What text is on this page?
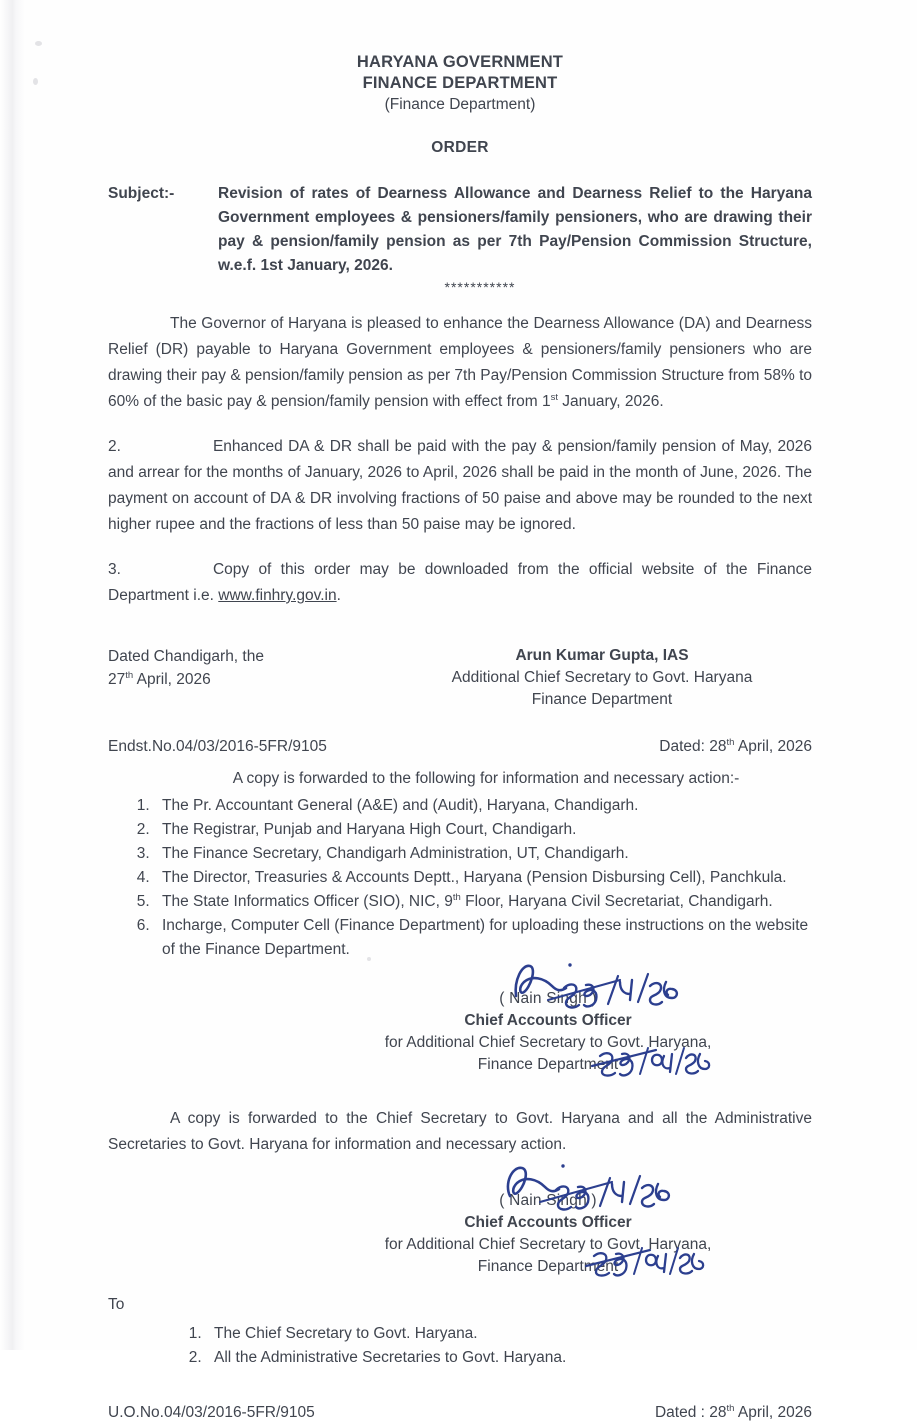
HARYANA GOVERNMENT
FINANCE DEPARTMENT
(Finance Department)
ORDER
Subject:-	Revision of rates of Dearness Allowance and Dearness Relief to the Haryana Government employees & pensioners/family pensioners, who are drawing their pay & pension/family pension as per 7th Pay/Pension Commission Structure, w.e.f. 1st January, 2026.
***********

The Governor of Haryana is pleased to enhance the Dearness Allowance (DA) and Dearness Relief (DR) payable to Haryana Government employees & pensioners/family pensioners who are drawing their pay & pension/family pension as per 7th Pay/Pension Commission Structure from 58% to 60% of the basic pay & pension/family pension with effect from 1st January, 2026.

2.	Enhanced DA & DR shall be paid with the pay & pension/family pension of May, 2026 and arrear for the months of January, 2026 to April, 2026 shall be paid in the month of June, 2026. The payment on account of DA & DR involving fractions of 50 paise and above may be rounded to the next higher rupee and the fractions of less than 50 paise may be ignored.

3.	Copy of this order may be downloaded from the official website of the Finance Department i.e. www.finhry.gov.in.

Dated Chandigarh, the
27th April, 2026
Arun Kumar Gupta, IAS
Additional Chief Secretary to Govt. Haryana
Finance Department
Endst.No.04/03/2016-5FR/9105	Dated: 28th April, 2026
A copy is forwarded to the following for information and necessary action:-
1. The Pr. Accountant General (A&E) and (Audit), Haryana, Chandigarh.
2. The Registrar, Punjab and Haryana High Court, Chandigarh.
3. The Finance Secretary, Chandigarh Administration, UT, Chandigarh.
4. The Director, Treasuries & Accounts Deptt., Haryana (Pension Disbursing Cell), Panchkula.
5. The State Informatics Officer (SIO), NIC, 9th Floor, Haryana Civil Secretariat, Chandigarh.
6. Incharge, Computer Cell (Finance Department) for uploading these instructions on the website of the Finance Department.
( Nain Singh )
Chief Accounts Officer
for Additional Chief Secretary to Govt. Haryana,
Finance Department

A copy is forwarded to the Chief Secretary to Govt. Haryana and all the Administrative Secretaries to Govt. Haryana for information and necessary action.

( Nain Singh )
Chief Accounts Officer
for Additional Chief Secretary to Govt. Haryana,
Finance Department
To
1. The Chief Secretary to Govt. Haryana.
2. All the Administrative Secretaries to Govt. Haryana.
U.O.No.04/03/2016-5FR/9105	Dated : 28th April, 2026
